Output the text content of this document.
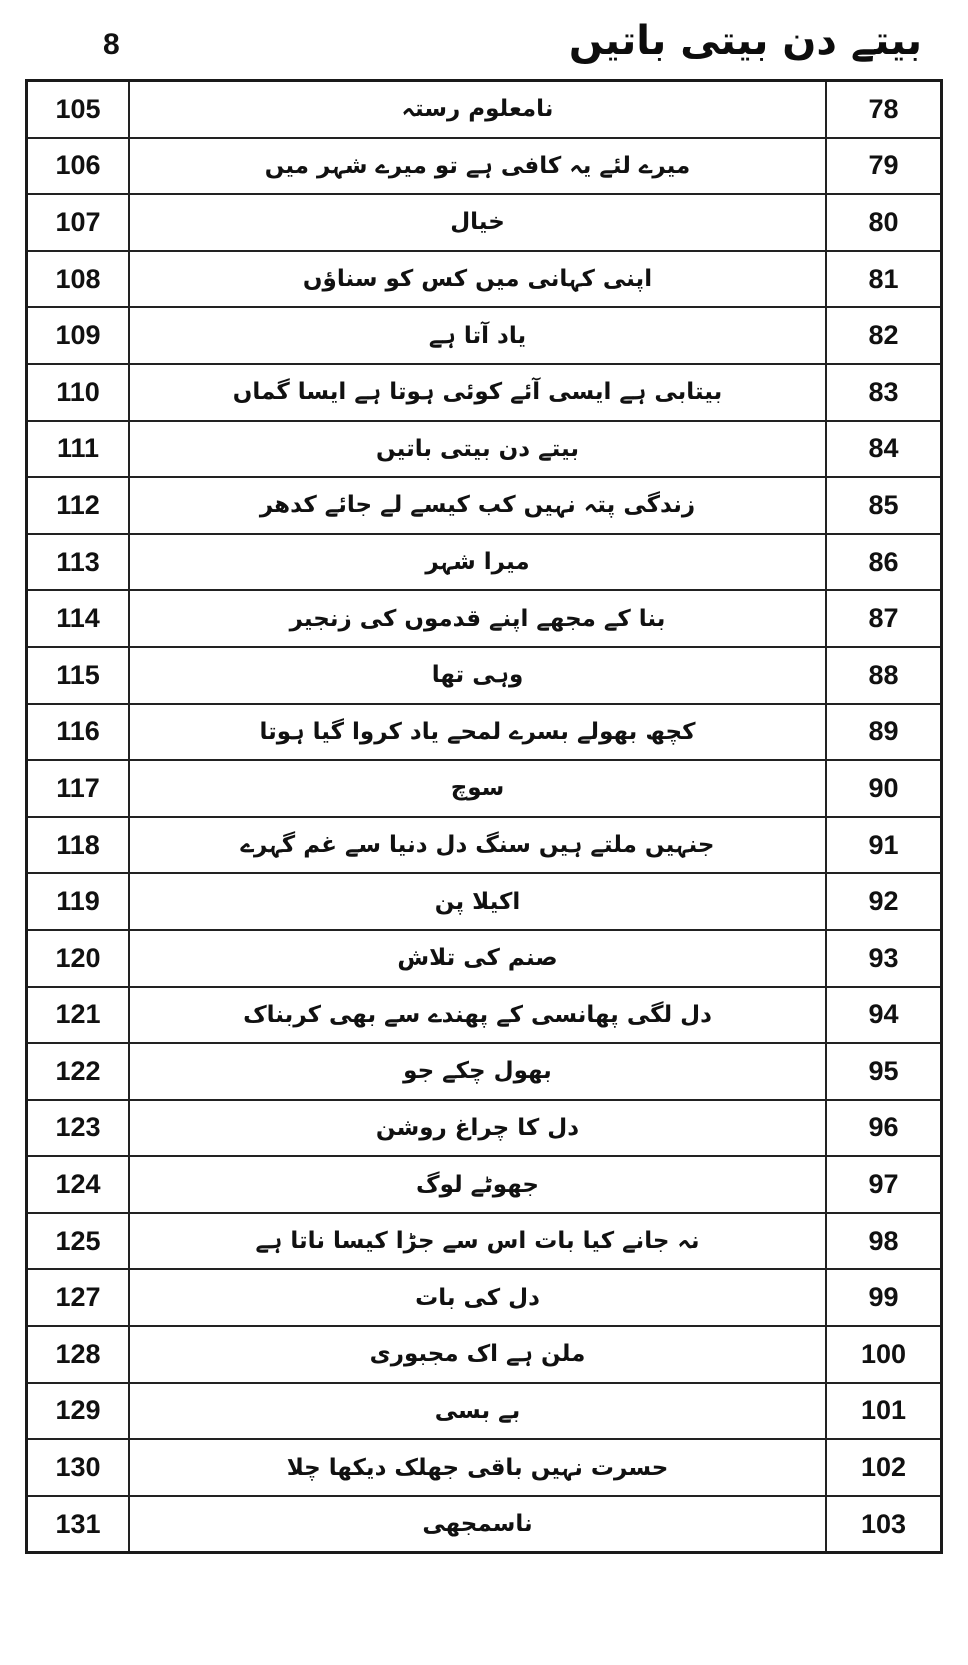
8	بیتے دن بیتی باتیں
105	نامعلوم رستہ	78
106	میرے لئے یہ کافی ہے تو میرے شہر میں	79
107	خیال	80
108	اپنی کہانی میں کس کو سناؤں	81
109	یاد آتا ہے	82
110	بیتابی ہے ایسی آئے کوئی ہوتا ہے ایسا گماں	83
111	بیتے دن بیتی باتیں	84
112	زندگی پتہ نہیں کب کیسے لے جائے کدھر	85
113	میرا شہر	86
114	بنا کے مجھے اپنے قدموں کی زنجیر	87
115	وہی تھا	88
116	کچھ بھولے بسرے لمحے یاد کروا گیا ہوتا	89
117	سوچ	90
118	جنہیں ملتے ہیں سنگ دل دنیا سے غم گہرے	91
119	اکیلا پن	92
120	صنم کی تلاش	93
121	دل لگی پھانسی کے پھندے سے بھی کربناک	94
122	بھول چکے جو	95
123	دل کا چراغ روشن	96
124	جھوٹے لوگ	97
125	نہ جانے کیا بات اس سے جڑا کیسا ناتا ہے	98
127	دل کی بات	99
128	ملن ہے اک مجبوری	100
129	بے بسی	101
130	حسرت نہیں باقی جھلک دیکھا چلا	102
131	ناسمجھی	103
